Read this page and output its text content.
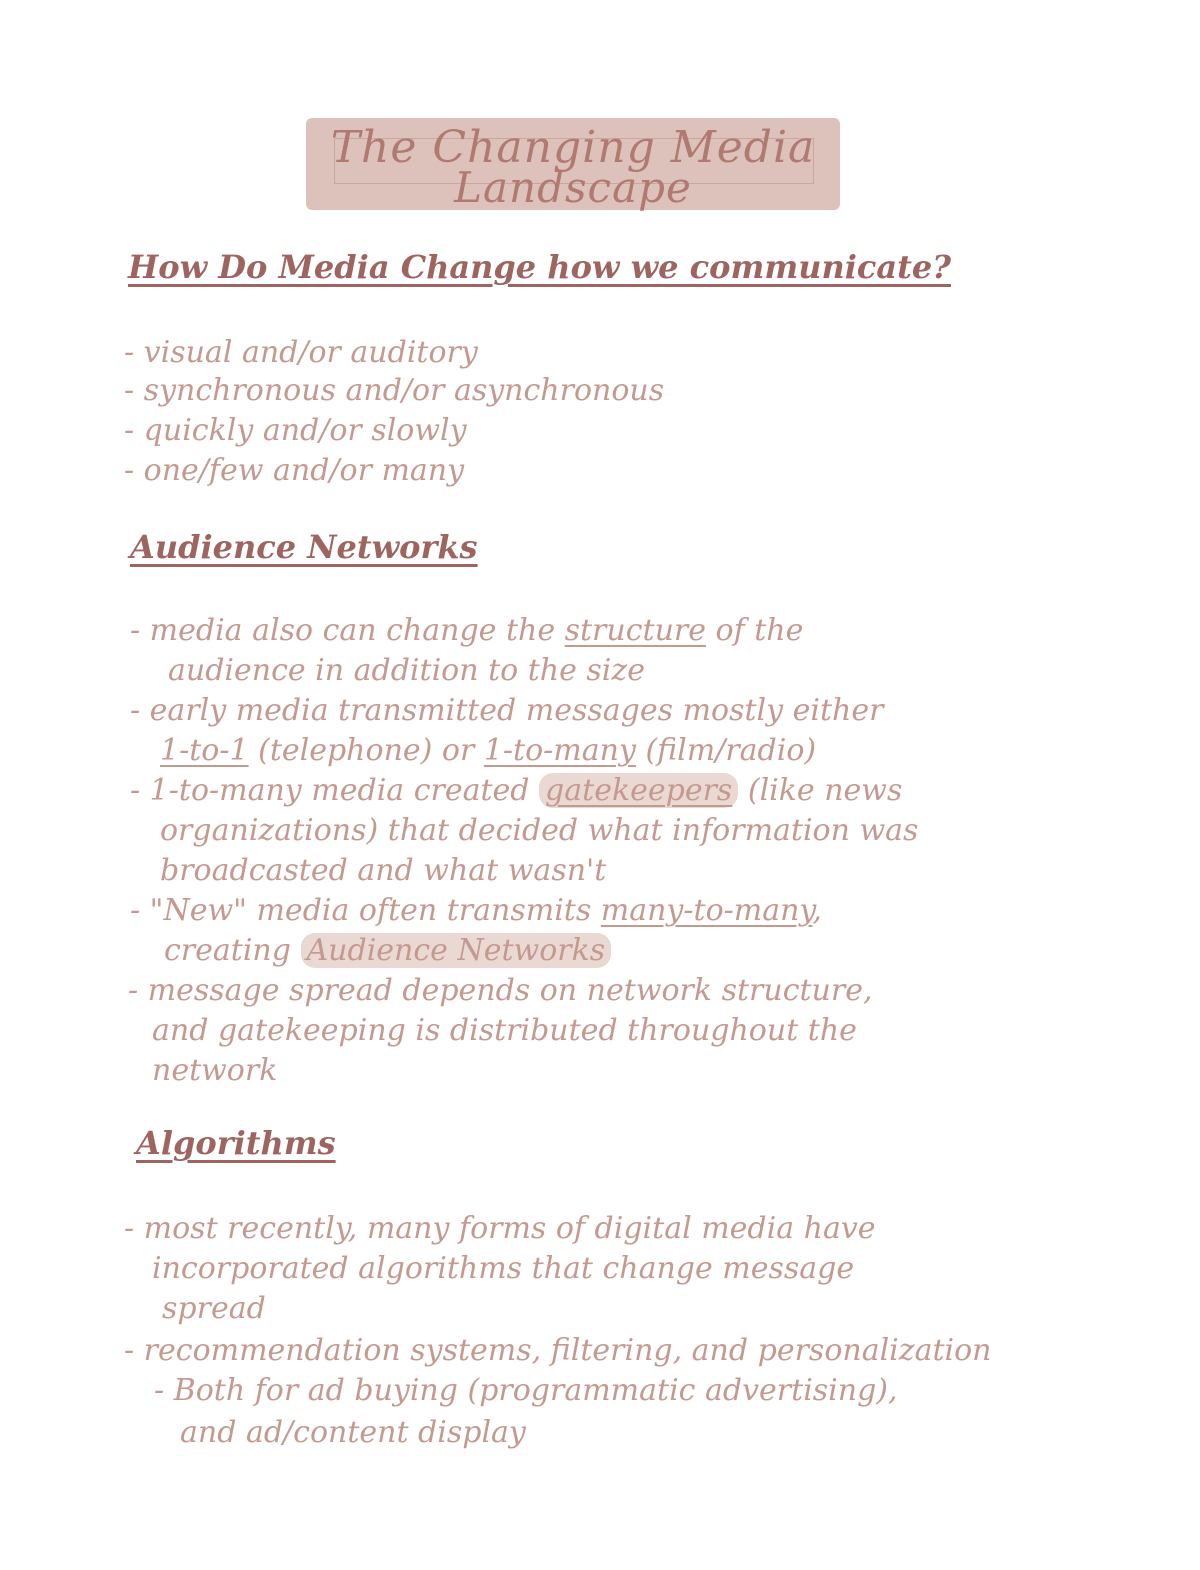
The Changing Media
Landscape
How Do Media Change how we communicate?
- visual and/or auditory
- synchronous and/or asynchronous
- quickly and/or slowly
- one/few and/or many
Audience Networks
- media also can change the structure of the
audience in addition to the size
- early media transmitted messages mostly either
1-to-1 (telephone) or 1-to-many (film/radio)
- 1-to-many media created gatekeepers (like news
organizations) that decided what information was
broadcasted and what wasn't
- "New" media often transmits many-to-many,
creating Audience Networks
- message spread depends on network structure,
and gatekeeping is distributed throughout the
network
Algorithms
- most recently, many forms of digital media have
incorporated algorithms that change message
spread
- recommendation systems, filtering, and personalization
- Both for ad buying (programmatic advertising),
and ad/content display
